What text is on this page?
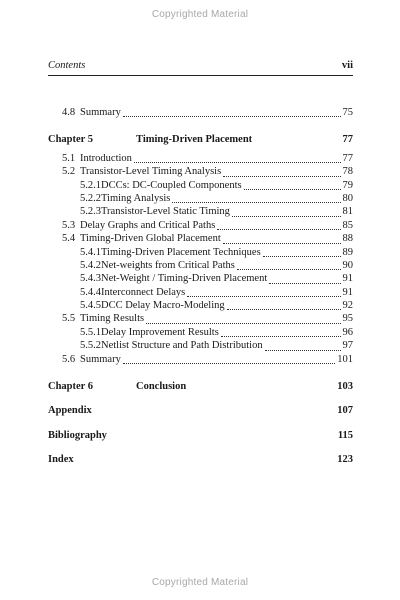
Copyrighted Material
Contents	vii
4.8 Summary	75
Chapter 5	Timing-Driven Placement	77
5.1 Introduction	77
5.2 Transistor-Level Timing Analysis	78
5.2.1 DCCs: DC-Coupled Components	79
5.2.2 Timing Analysis	80
5.2.3 Transistor-Level Static Timing	81
5.3 Delay Graphs and Critical Paths	85
5.4 Timing-Driven Global Placement	88
5.4.1 Timing-Driven Placement Techniques	89
5.4.2 Net-weights from Critical Paths	90
5.4.3 Net-Weight / Timing-Driven Placement	91
5.4.4 Interconnect Delays	91
5.4.5 DCC Delay Macro-Modeling	92
5.5 Timing Results	95
5.5.1 Delay Improvement Results	96
5.5.2 Netlist Structure and Path Distribution	97
5.6 Summary	101
Chapter 6	Conclusion	103
Appendix	107
Bibliography	115
Index	123
Copyrighted Material
